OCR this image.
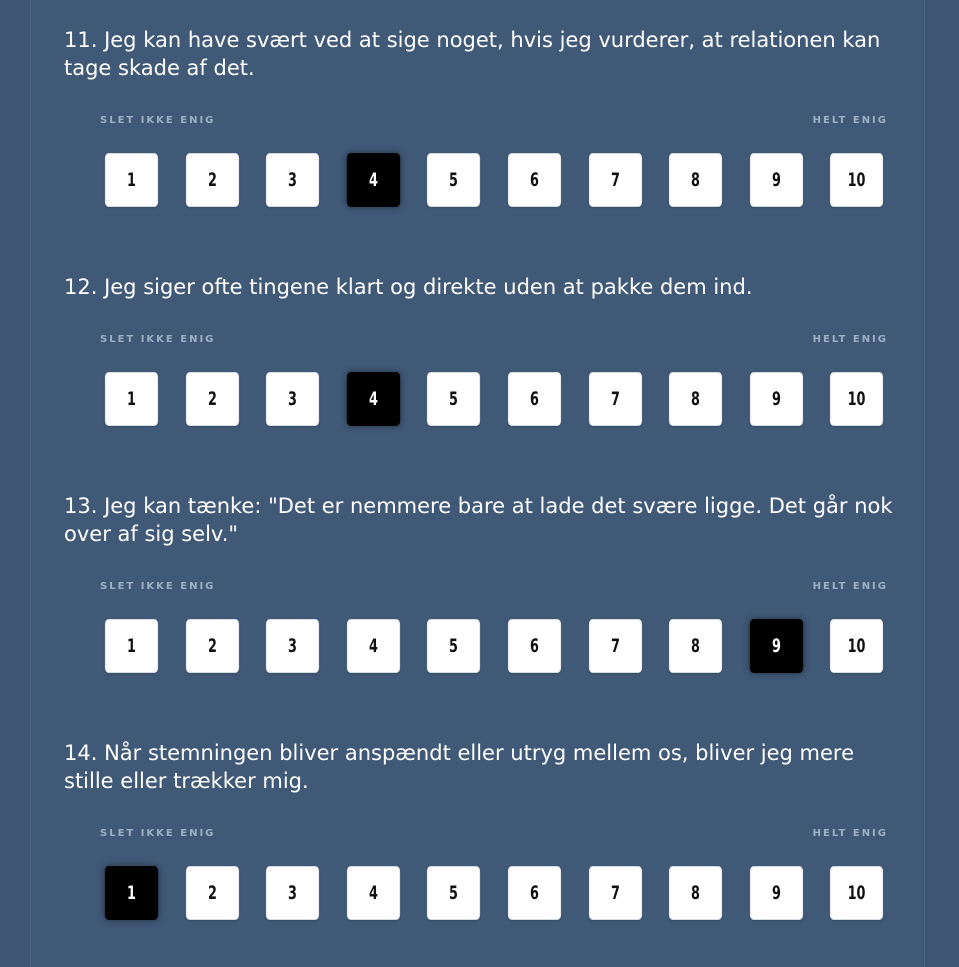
11. Jeg kan have svært ved at sige noget, hvis jeg vurderer, at relationen kan tage skade af det.

SLET IKKE ENIG	HELT ENIG
1	2	3	4	5	6	7	8	9	10

12. Jeg siger ofte tingene klart og direkte uden at pakke dem ind.

SLET IKKE ENIG	HELT ENIG
1	2	3	4	5	6	7	8	9	10

13. Jeg kan tænke: "Det er nemmere bare at lade det svære ligge. Det går nok over af sig selv."

SLET IKKE ENIG	HELT ENIG
1	2	3	4	5	6	7	8	9	10

14. Når stemningen bliver anspændt eller utryg mellem os, bliver jeg mere stille eller trækker mig.

SLET IKKE ENIG	HELT ENIG
1	2	3	4	5	6	7	8	9	10
